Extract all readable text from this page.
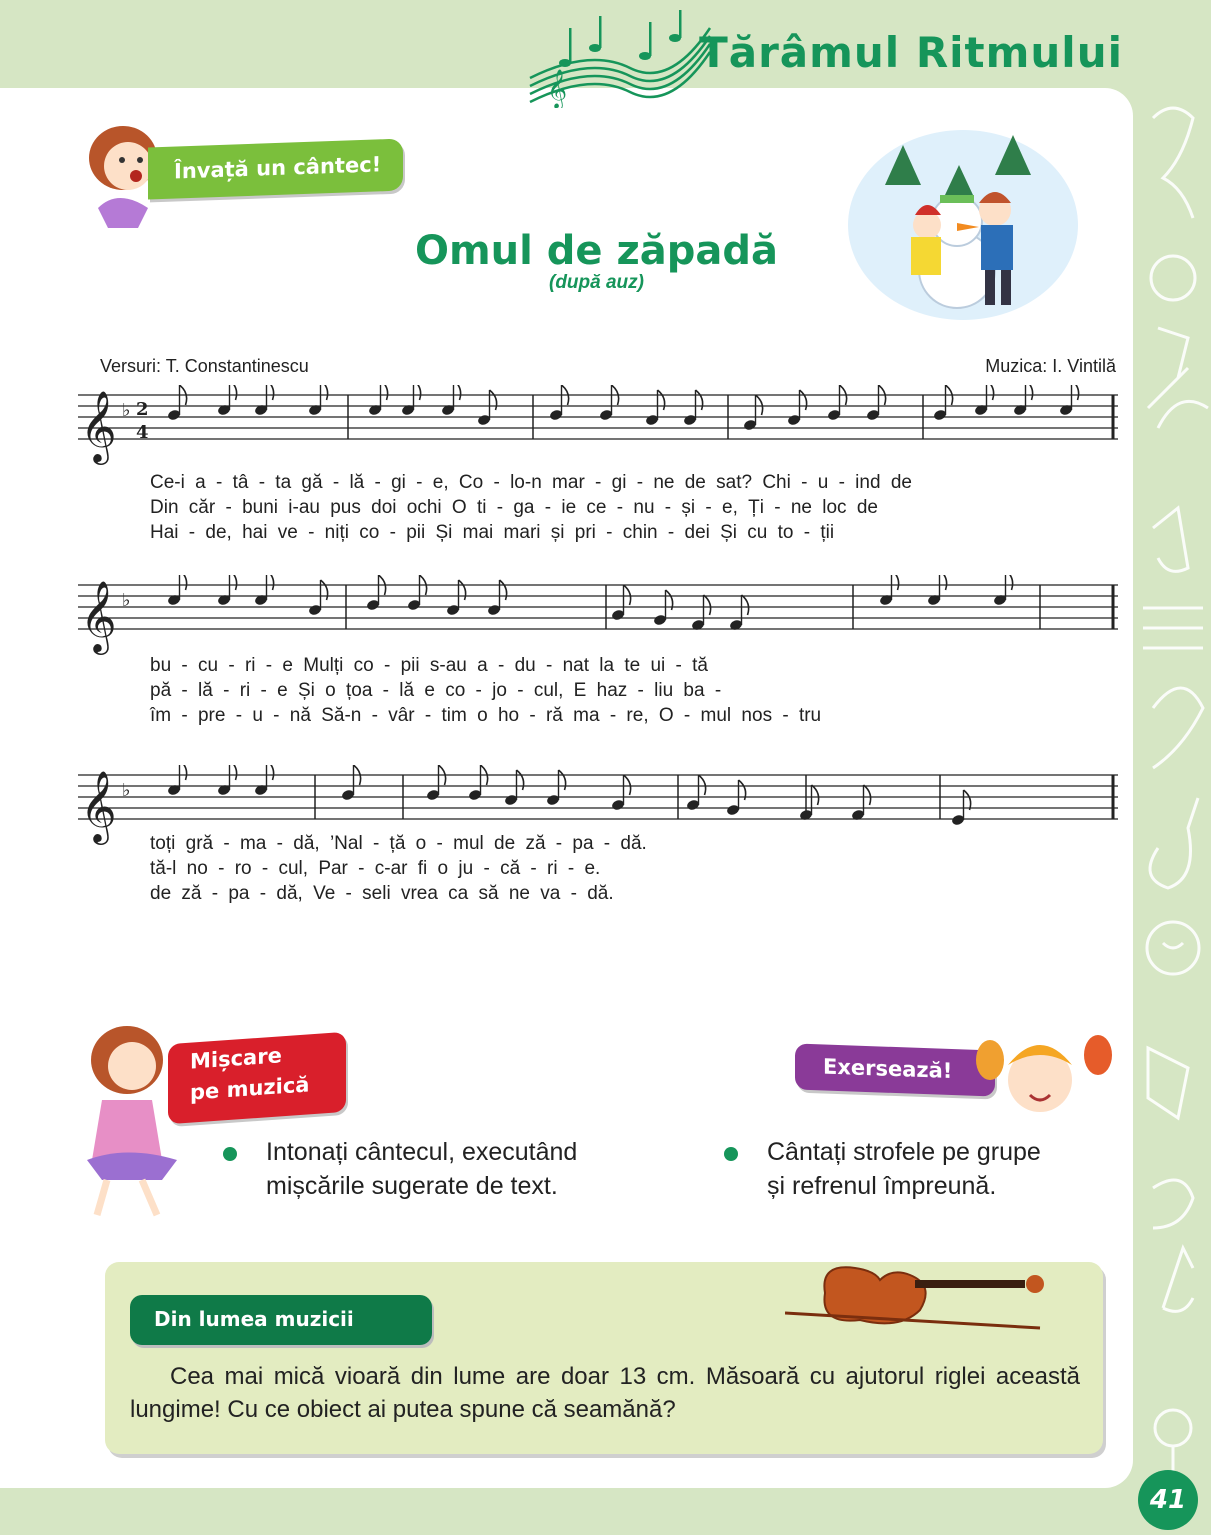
𝄞
Tărâmul Ritmului
Învață un cântec!
Omul de zăpadă
(după auz)
Versuri: T. Constantinescu	Muzica: I. Vintilă
𝄞 ♭ 2
4
Ce-i a - tâ - ta gă - lă - gi - e, Co - lo-n mar - gi - ne de sat? Chi - u - ind de
Din căr - buni i-au pus doi ochi O ti - ga - ie ce - nu - și - e, Ți - ne loc de
Hai - de, hai ve - niți co - pii Și mai mari și pri - chin - dei Și cu to - ții
𝄞 ♭
bu - cu - ri - e Mulți co - pii s-au a - du - nat la te ui - tă
pă - lă - ri - e Și o țoa - lă e co - jo - cul, E haz - liu ba -
îm - pre - u - nă Să-n - vâr - tim o ho - ră ma - re, O - mul nos - tru
𝄞 ♭
toți gră - ma - dă, ’Nal - ță o - mul de ză - pa - dă.
tă-l no - ro - cul, Par - c-ar fi o ju - că - ri - e.
de ză - pa - dă, Ve - seli vrea ca să ne va - dă.
Mișcare
pe muzică
Intonați cântecul, executând
mișcările sugerate de text.
Exersează!
Cântați strofele pe grupe
și refrenul împreună.
Din lumea muzicii
Cea mai mică vioară din lume are doar 13 cm. Măsoară cu ajutorul riglei această lungime! Cu ce obiect ai putea spune că seamănă?
41
